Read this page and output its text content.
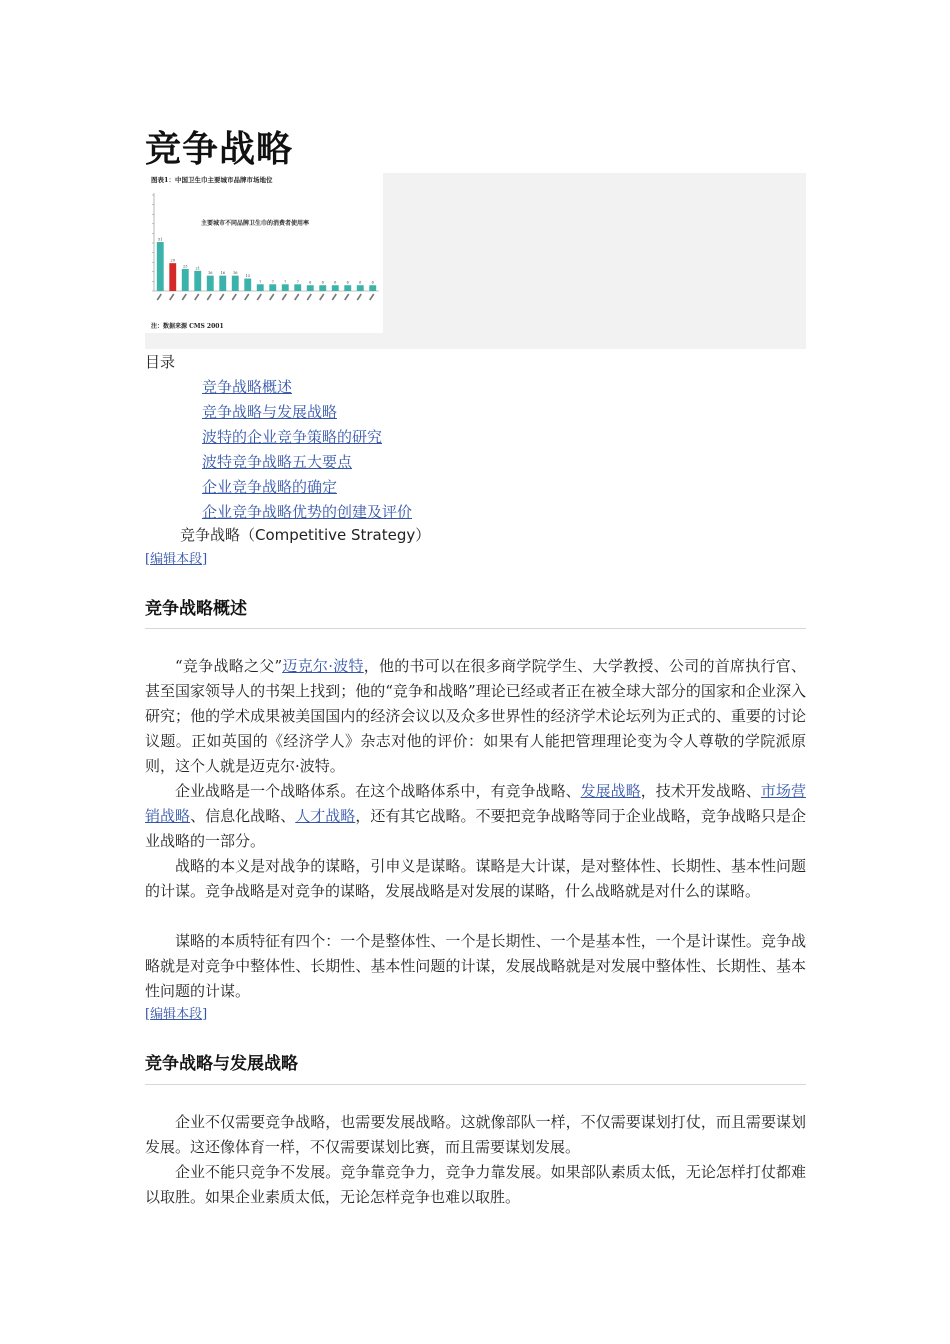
竞争战略
图表1：中国卫生巾主要城市品牌市场地位
主要城市不同品牌卫生巾的消费者使用率
51
29
23 21
16 16 16
13
7	7	7	7	6	6	6	6	6	6
注：数据来源 CMS 2001
目录
竞争战略概述
竞争战略与发展战略
波特的企业竞争策略的研究
波特竞争战略五大要点
企业竞争战略的确定
企业竞争战略优势的创建及评价
竞争战略（Competitive Strategy）
[编辑本段]
竞争战略概述

“竞争战略之父”迈克尔·波特，他的书可以在很多商学院学生、大学教授、公司的首席执行官、甚至国家领导人的书架上找到；他的“竞争和战略”理论已经或者正在被全球大部分的国家和企业深入研究；他的学术成果被美国国内的经济会议以及众多世界性的经济学术论坛列为正式的、重要的讨论议题。正如英国的《经济学人》杂志对他的评价：如果有人能把管理理论变为令人尊敬的学院派原则，这个人就是迈克尔·波特。

企业战略是一个战略体系。在这个战略体系中，有竞争战略、发展战略，技术开发战略、市场营销战略、信息化战略、人才战略，还有其它战略。不要把竞争战略等同于企业战略，竞争战略只是企业战略的一部分。

战略的本义是对战争的谋略，引申义是谋略。谋略是大计谋，是对整体性、长期性、基本性问题的计谋。竞争战略是对竞争的谋略，发展战略是对发展的谋略，什么战略就是对什么的谋略。

谋略的本质特征有四个：一个是整体性、一个是长期性、一个是基本性，一个是计谋性。竞争战略就是对竞争中整体性、长期性、基本性问题的计谋，发展战略就是对发展中整体性、长期性、基本性问题的计谋。

[编辑本段]
竞争战略与发展战略

企业不仅需要竞争战略，也需要发展战略。这就像部队一样，不仅需要谋划打仗，而且需要谋划发展。这还像体育一样，不仅需要谋划比赛，而且需要谋划发展。

企业不能只竞争不发展。竞争靠竞争力，竞争力靠发展。如果部队素质太低，无论怎样打仗都难以取胜。如果企业素质太低，无论怎样竞争也难以取胜。
